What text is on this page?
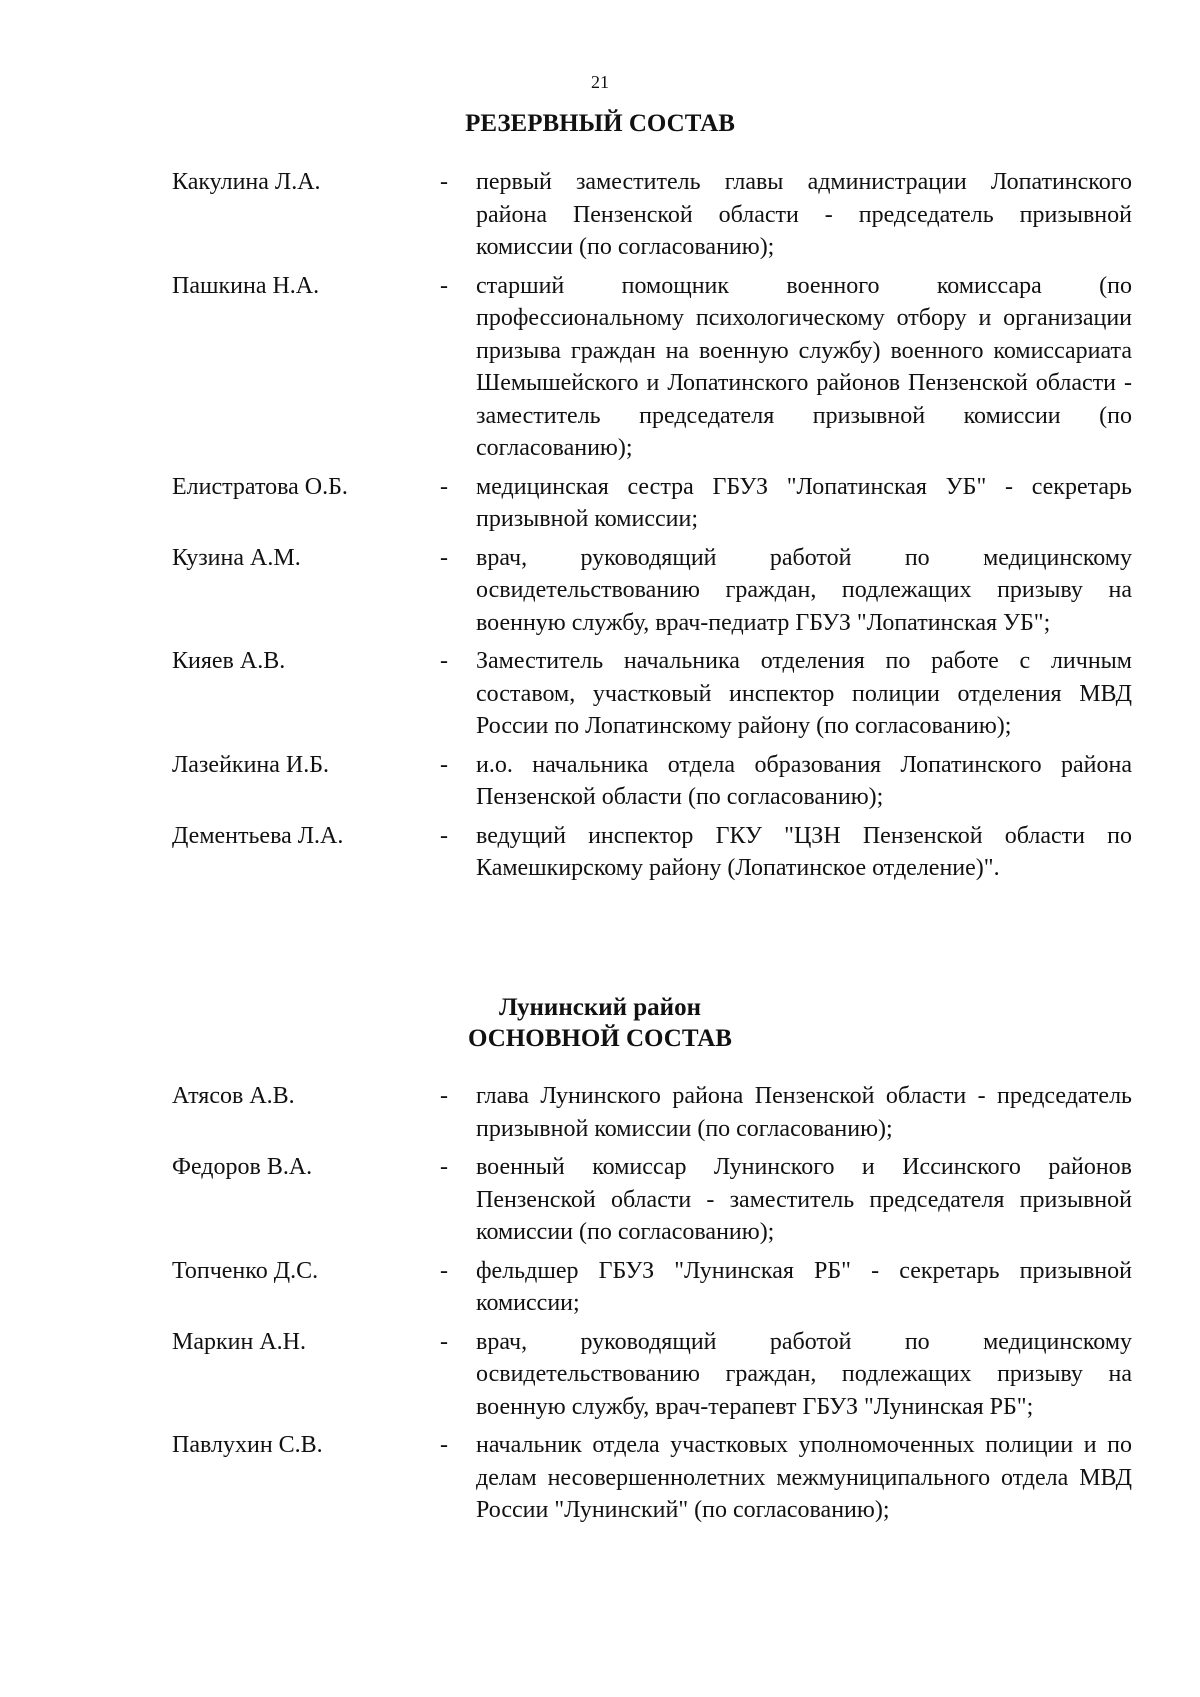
21
РЕЗЕРВНЫЙ СОСТАВ
Какулина Л.А.	-	первый заместитель главы администрации Лопатинского района Пензенской области - председатель призывной комиссии (по согласованию);
Пашкина Н.А.	-	старший помощник военного комиссара (по профессиональному психологическому отбору и организации призыва граждан на военную службу) военного комиссариата Шемышейского и Лопатинского районов Пензенской области - заместитель председателя призывной комиссии (по согласованию);
Елистратова О.Б.	-	медицинская сестра ГБУЗ "Лопатинская УБ" - секретарь призывной комиссии;
Кузина А.М.	-	врач, руководящий работой по медицинскому освидетельствованию граждан, подлежащих призыву на военную службу, врач-педиатр ГБУЗ "Лопатинская УБ";
Кияев А.В.	-	Заместитель начальника отделения по работе с личным составом, участковый инспектор полиции отделения МВД России по Лопатинскому району (по согласованию);
Лазейкина И.Б.	-	и.о. начальника отдела образования Лопатинского района Пензенской области (по согласованию);
Дементьева Л.А.	-	ведущий инспектор ГКУ "ЦЗН Пензенской области по Камешкирскому району (Лопатинское отделение)".
Лунинский район
ОСНОВНОЙ СОСТАВ
Атясов А.В.	-	глава Лунинского района Пензенской области - председатель призывной комиссии (по согласованию);
Федоров В.А.	-	военный комиссар Лунинского и Иссинского районов Пензенской области - заместитель председателя призывной комиссии (по согласованию);
Топченко Д.С.	-	фельдшер ГБУЗ "Лунинская РБ" - секретарь призывной комиссии;
Маркин А.Н.	-	врач, руководящий работой по медицинскому освидетельствованию граждан, подлежащих призыву на военную службу, врач-терапевт ГБУЗ "Лунинская РБ";
Павлухин С.В.	-	начальник отдела участковых уполномоченных полиции и по делам несовершеннолетних межмуниципального отдела МВД России "Лунинский" (по согласованию);
